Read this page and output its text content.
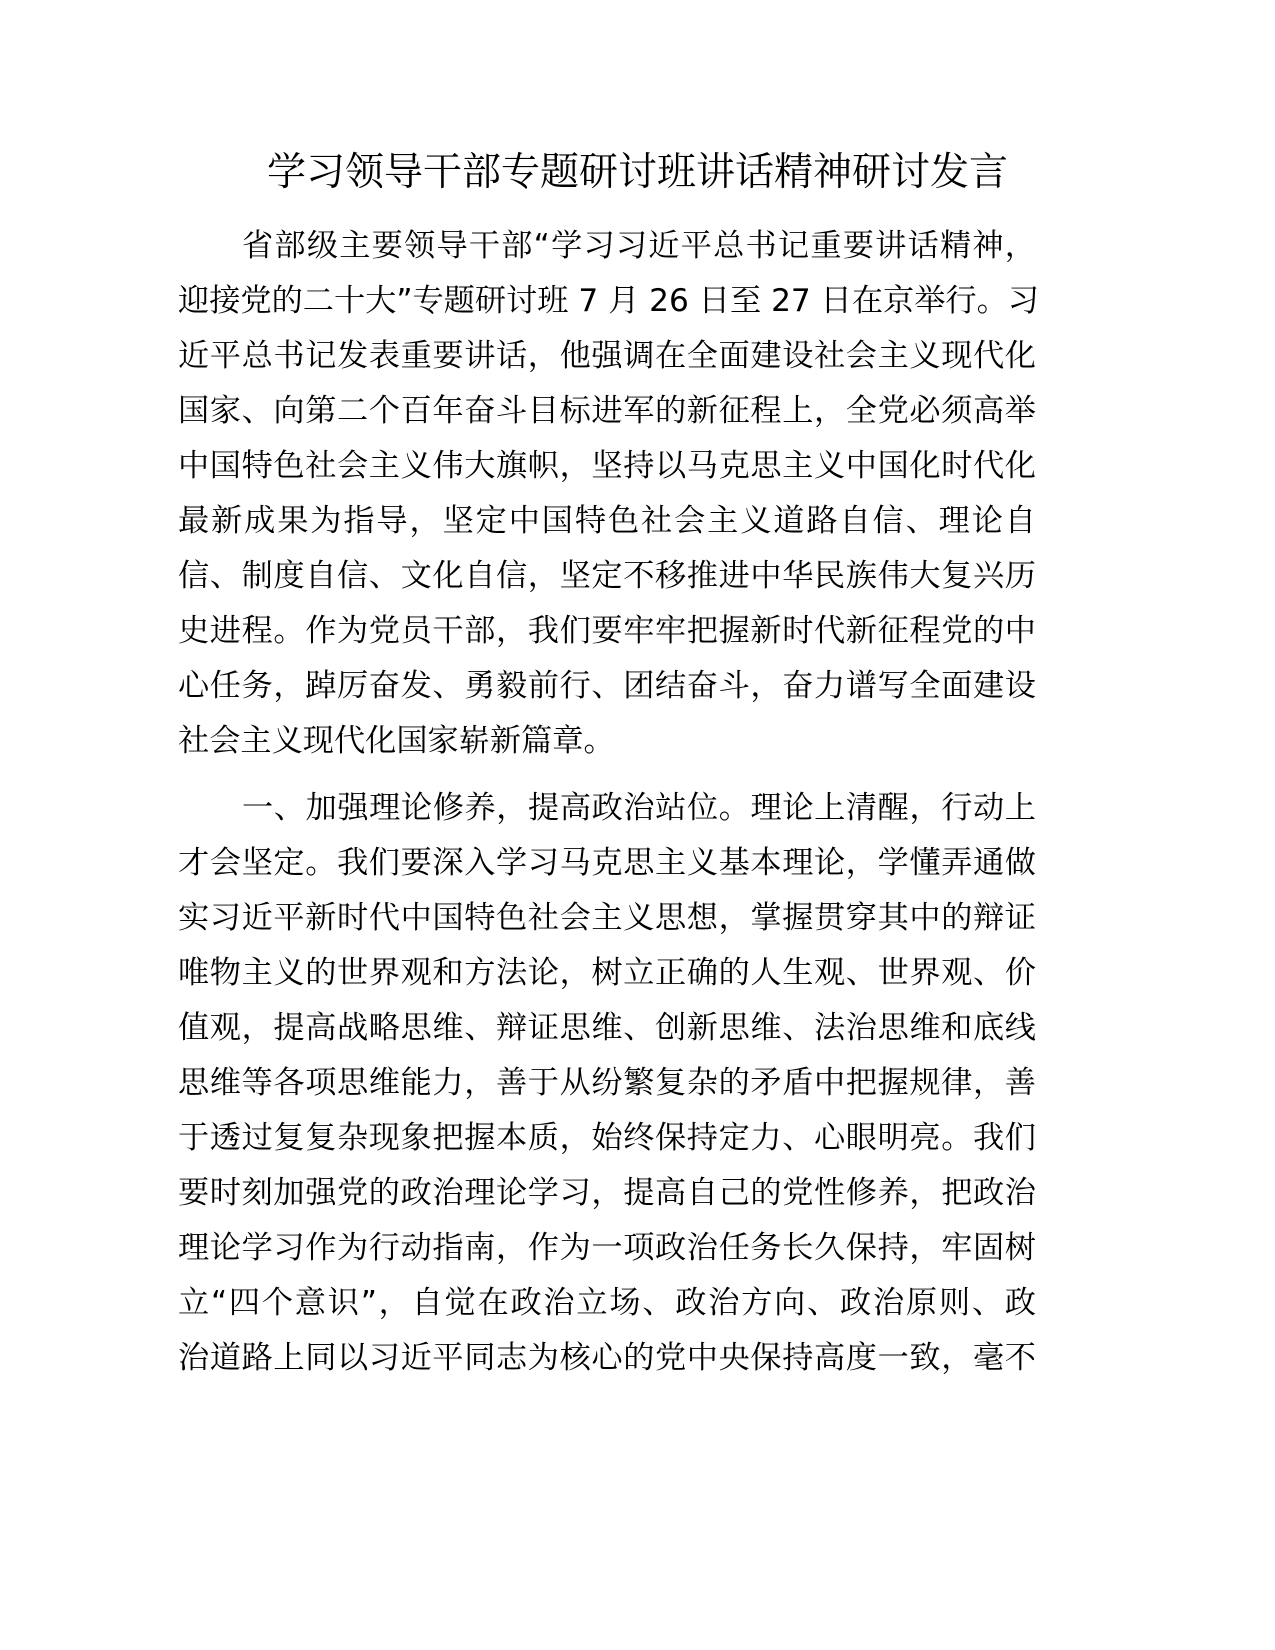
学习领导干部专题研讨班讲话精神研讨发言
省部级主要领导干部“学习习近平总书记重要讲话精神，
迎接党的二十大”专题研讨班 7 月 26 日至 27 日在京举行。习
近平总书记发表重要讲话，他强调在全面建设社会主义现代化
国家、向第二个百年奋斗目标进军的新征程上，全党必须高举
中国特色社会主义伟大旗帜，坚持以马克思主义中国化时代化
最新成果为指导，坚定中国特色社会主义道路自信、理论自
信、制度自信、文化自信，坚定不移推进中华民族伟大复兴历
史进程。作为党员干部，我们要牢牢把握新时代新征程党的中
心任务，踔厉奋发、勇毅前行、团结奋斗，奋力谱写全面建设
社会主义现代化国家崭新篇章。
一、加强理论修养，提高政治站位。理论上清醒，行动上
才会坚定。我们要深入学习马克思主义基本理论，学懂弄通做
实习近平新时代中国特色社会主义思想，掌握贯穿其中的辩证
唯物主义的世界观和方法论，树立正确的人生观、世界观、价
值观，提高战略思维、辩证思维、创新思维、法治思维和底线
思维等各项思维能力，善于从纷繁复杂的矛盾中把握规律，善
于透过复复杂现象把握本质，始终保持定力、心眼明亮。我们
要时刻加强党的政治理论学习，提高自己的党性修养，把政治
理论学习作为行动指南，作为一项政治任务长久保持，牢固树
立“四个意识”，自觉在政治立场、政治方向、政治原则、政
治道路上同以习近平同志为核心的党中央保持高度一致，毫不
